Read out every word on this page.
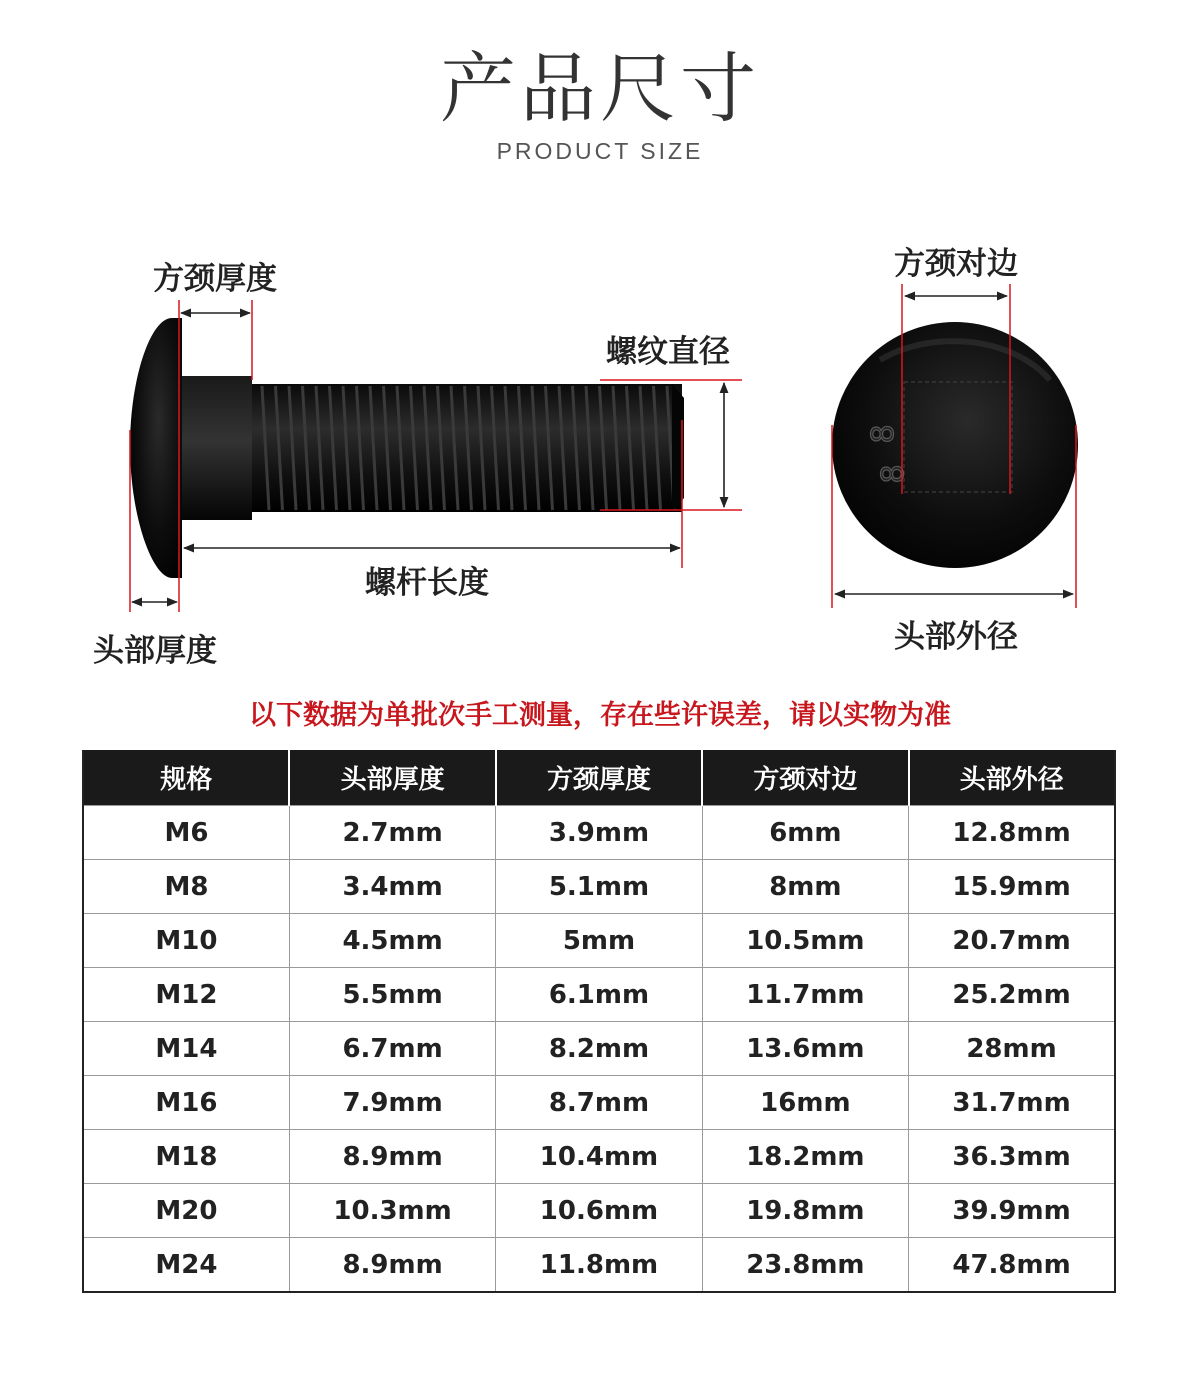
产品尺寸
PRODUCT SIZE
方颈厚度
螺纹直径
螺杆长度
头部厚度
8
8
方颈对边
头部外径
以下数据为单批次手工测量，存在些许误差，请以实物为准
规格	头部厚度	方颈厚度	方颈对边	头部外径
M6	2.7mm	3.9mm	6mm	12.8mm
M8	3.4mm	5.1mm	8mm	15.9mm
M10	4.5mm	5mm	10.5mm	20.7mm
M12	5.5mm	6.1mm	11.7mm	25.2mm
M14	6.7mm	8.2mm	13.6mm	28mm
M16	7.9mm	8.7mm	16mm	31.7mm
M18	8.9mm	10.4mm	18.2mm	36.3mm
M20	10.3mm	10.6mm	19.8mm	39.9mm
M24	8.9mm	11.8mm	23.8mm	47.8mm
